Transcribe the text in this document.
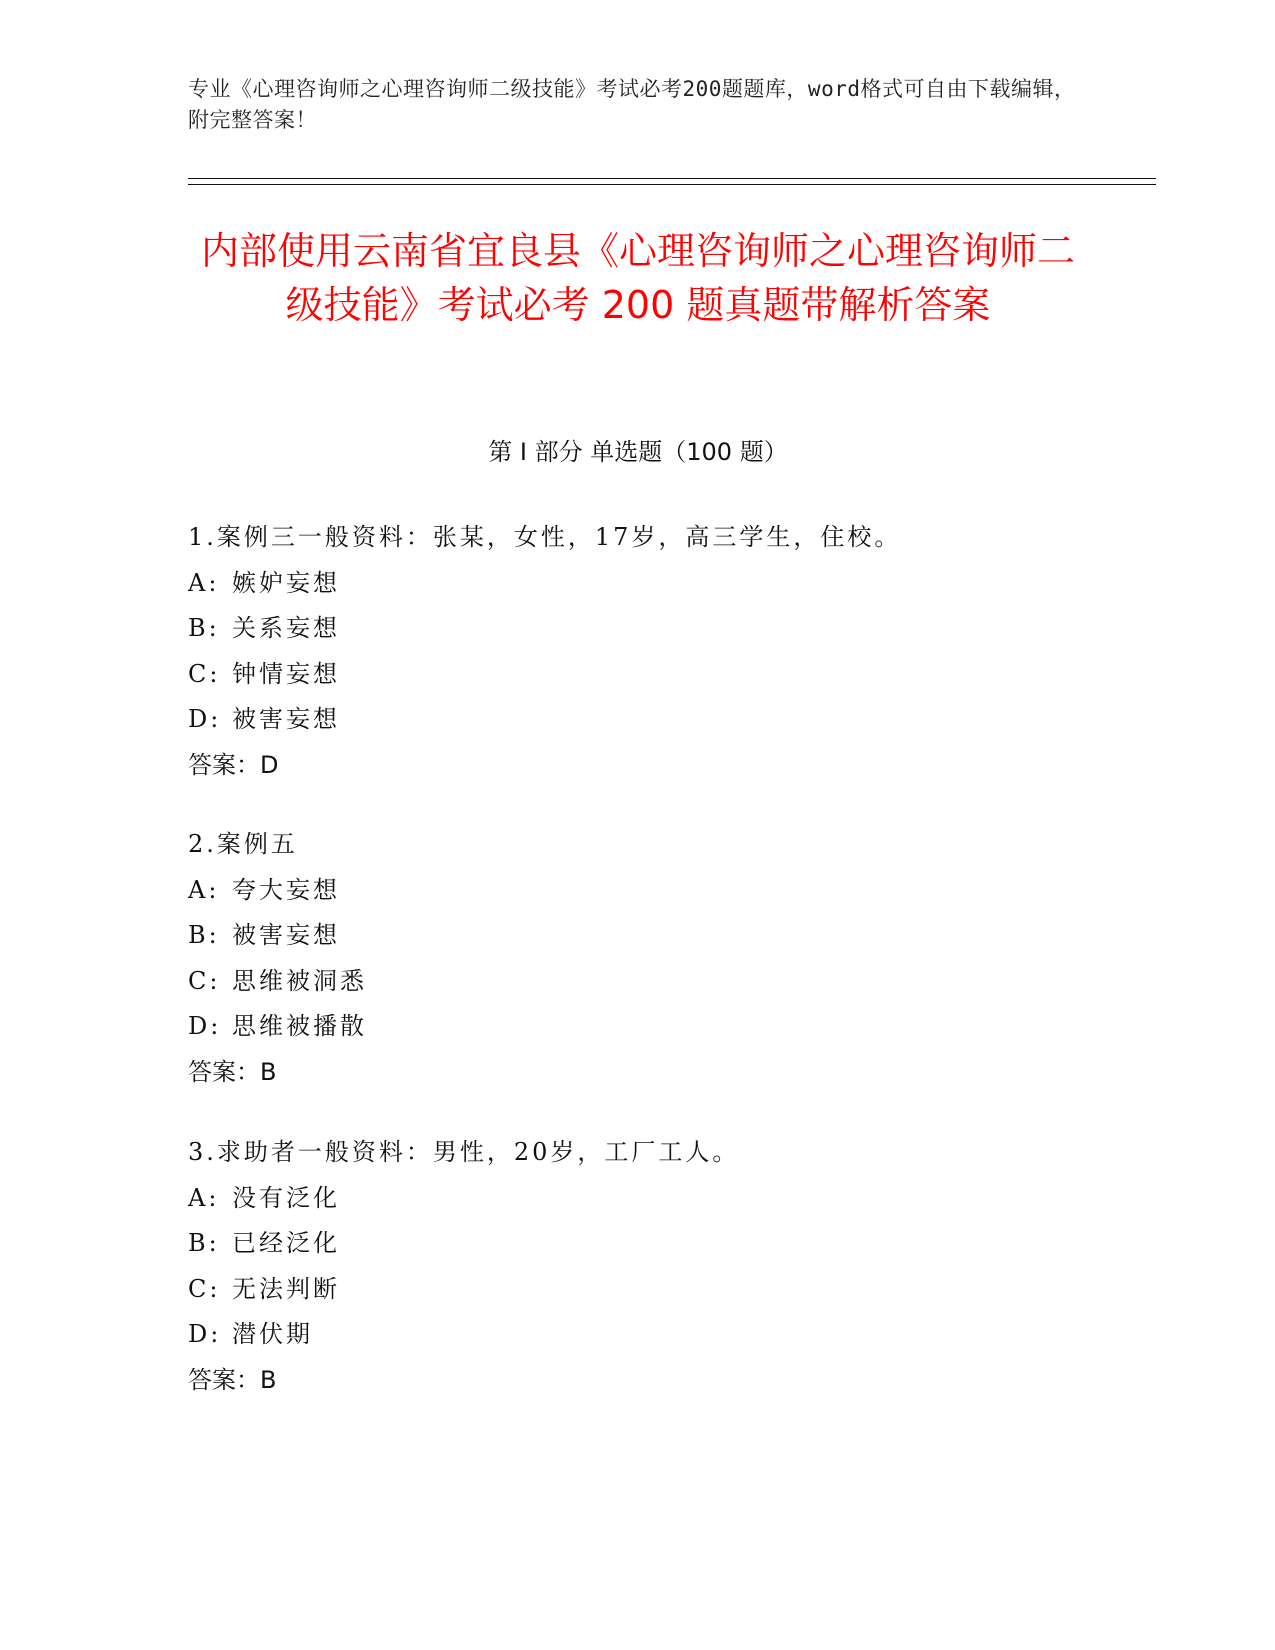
专业《心理咨询师之心理咨询师二级技能》考试必考200题题库，word格式可自由下载编辑，附完整答案！
内部使用云南省宜良县《心理咨询师之心理咨询师二级技能》考试必考 200 题真题带解析答案
第 I 部分 单选题（100 题）
1.案例三一般资料：张某，女性，17岁，高三学生，住校。
A: 嫉妒妄想
B: 关系妄想
C: 钟情妄想
D: 被害妄想
答案：D
2.案例五
A: 夸大妄想
B: 被害妄想
C: 思维被洞悉
D: 思维被播散
答案：B
3.求助者一般资料：男性，20岁，工厂工人。
A: 没有泛化
B: 已经泛化
C: 无法判断
D: 潜伏期
答案：B
